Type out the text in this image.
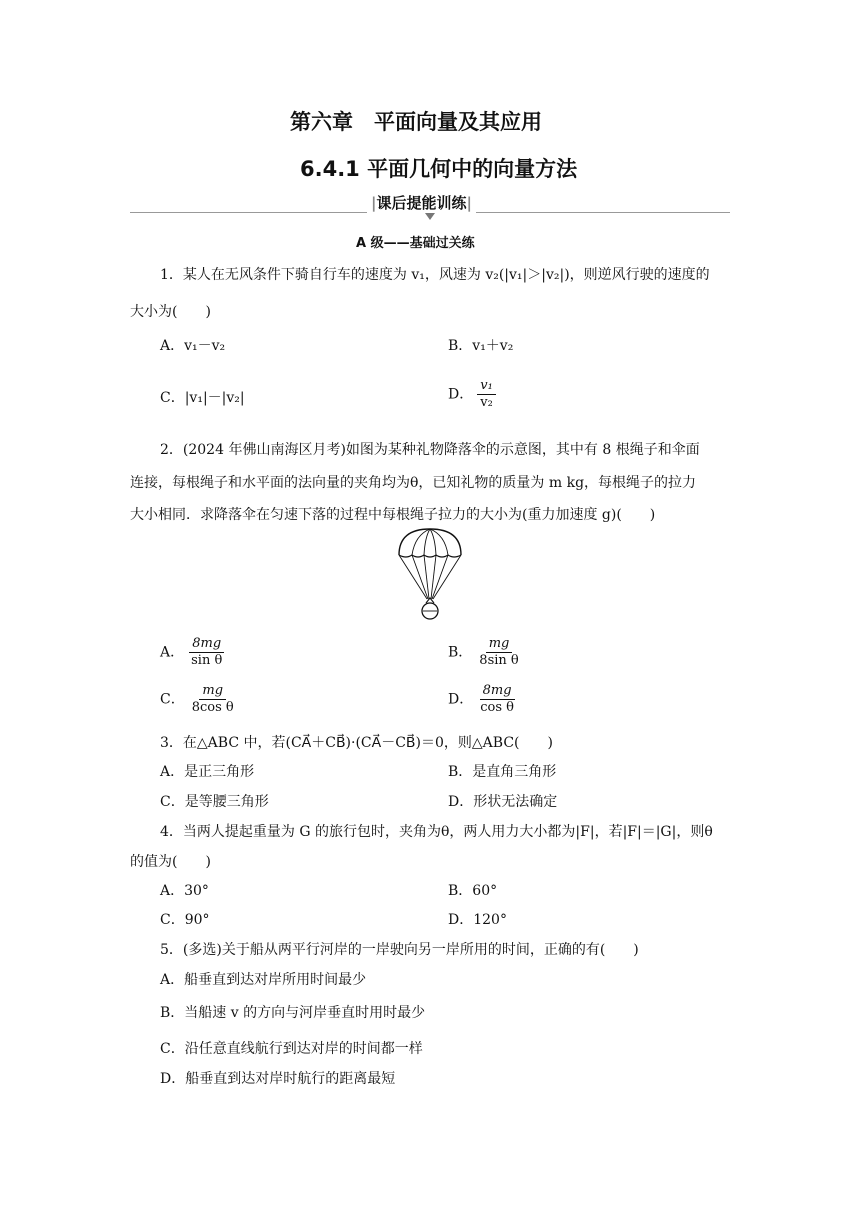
第六章　平面向量及其应用
6.4.1 平面几何中的向量方法
|课后提能训练|
A 级——基础过关练
1．某人在无风条件下骑自行车的速度为 v₁，风速为 v₂(|v₁|＞|v₂|)，则逆风行驶的速度的
大小为(　　)
A．v₁－v₂	B．v₁＋v₂
C．|v₁|－|v₂|	D． $\frac{\text{v₁}}{\text{v₂}}$
2．(2024 年佛山南海区月考)如图为某种礼物降落伞的示意图，其中有 8 根绳子和伞面
连接，每根绳子和水平面的法向量的夹角均为θ，已知礼物的质量为 m kg，每根绳子的拉力
大小相同．求降落伞在匀速下落的过程中每根绳子拉力的大小为(重力加速度 g)(　　)
A． $\frac{8mg}{\text{sin θ}}$	B． $\frac{mg}{\text{8sin θ}}$
C． $\frac{mg}{\text{8cos θ}}$	D． $\frac{8mg}{\text{cos θ}}$
3．在△ABC 中，若(CA⃗＋CB⃗)·(CA⃗－CB⃗)＝0，则△ABC(　　)
A．是正三角形	B．是直角三角形
C．是等腰三角形	D．形状无法确定
4．当两人提起重量为 G 的旅行包时，夹角为θ，两人用力大小都为|F|，若|F|＝|G|，则θ
的值为(　　)
A．30°	B．60°
C．90°	D．120°
5．(多选)关于船从两平行河岸的一岸驶向另一岸所用的时间，正确的有(　　)
A．船垂直到达对岸所用时间最少
B．当船速 v 的方向与河岸垂直时用时最少
C．沿任意直线航行到达对岸的时间都一样
D．船垂直到达对岸时航行的距离最短
